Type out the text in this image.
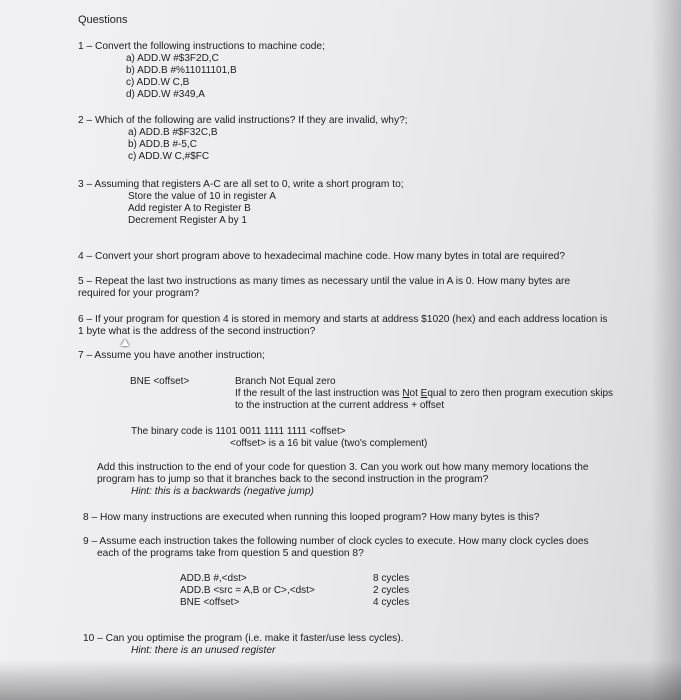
Questions
1 – Convert the following instructions to machine code;
a) ADD.W #$3F2D,C
b) ADD.B #%11011101,B
c) ADD.W C,B
d) ADD.W #349,A
2 – Which of the following are valid instructions? If they are invalid, why?;
a) ADD.B #$F32C,B
b) ADD.B #-5,C
c) ADD.W C,#$FC
3 – Assuming that registers A-C are all set to 0, write a short program to;
Store the value of 10 in register A
Add register A to Register B
Decrement Register A by 1
4 – Convert your short program above to hexadecimal machine code. How many bytes in total are required?
5 – Repeat the last two instructions as many times as necessary until the value in A is 0. How many bytes are
required for your program?
6 – If your program for question 4 is stored in memory and starts at address $1020 (hex) and each address location is
1 byte what is the address of the second instruction?
7 – Assume you have another instruction;
BNE <offset>	Branch Not Equal zero
If the result of the last instruction was Not Equal to zero then program execution skips
to the instruction at the current address + offset
The binary code is 1101 0011 1111 1111 <offset>
<offset> is a 16 bit value (two's complement)
Add this instruction to the end of your code for question 3. Can you work out how many memory locations the
program has to jump so that it branches back to the second instruction in the program?
Hint: this is a backwards (negative jump)
8 – How many instructions are executed when running this looped program? How many bytes is this?
9 – Assume each instruction takes the following number of clock cycles to execute. How many clock cycles does
each of the programs take from question 5 and question 8?
ADD.B #,<dst>
ADD.B <src = A,B or C>,<dst>
BNE <offset>
8 cycles
2 cycles
4 cycles
10 – Can you optimise the program (i.e. make it faster/use less cycles).
Hint: there is an unused register
